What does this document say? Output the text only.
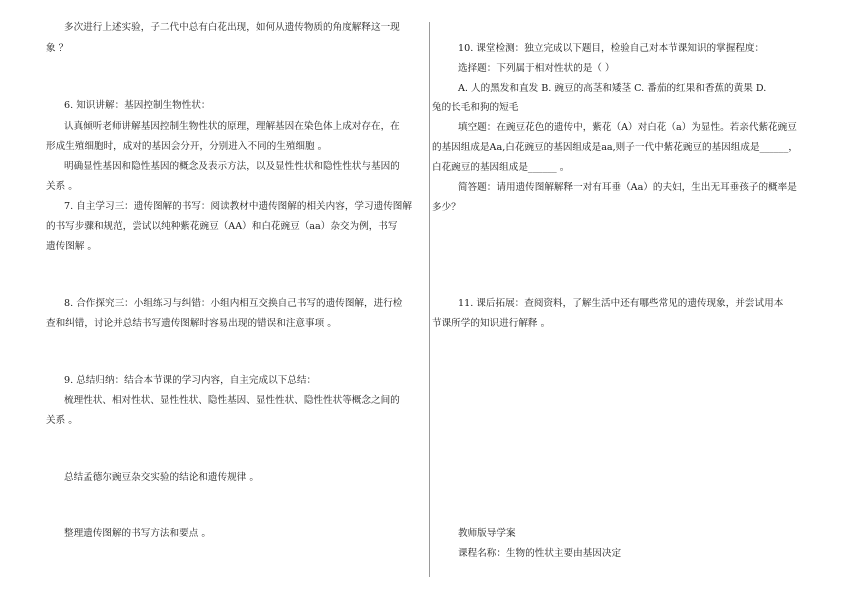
多次进行上述实验，子二代中总有白花出现，如何从遗传物质的角度解释这一现
象 ？
6. 知识讲解：基因控制生物性状：
认真倾听老师讲解基因控制生物性状的原理，理解基因在染色体上成对存在，在
形成生殖细胞时，成对的基因会分开，分别进入不同的生殖细胞 。
明确显性基因和隐性基因的概念及表示方法，以及显性性状和隐性性状与基因的
关系 。
7. 自主学习三：遗传图解的书写：阅读教材中遗传图解的相关内容，学习遗传图解
的书写步骤和规范，尝试以纯种紫花豌豆（AA）和白花豌豆（aa）杂交为例，书写
遗传图解 。
8. 合作探究三：小组练习与纠错：小组内相互交换自己书写的遗传图解，进行检
查和纠错，讨论并总结书写遗传图解时容易出现的错误和注意事项 。
9. 总结归纳：结合本节课的学习内容，自主完成以下总结：
梳理性状、相对性状、显性性状、隐性基因、显性性状、隐性性状等概念之间的
关系 。
总结孟德尔豌豆杂交实验的结论和遗传规律 。
整理遗传图解的书写方法和要点 。
10. 课堂检测：独立完成以下题目，检验自己对本节课知识的掌握程度：
选择题：下列属于相对性状的是（ ）
A. 人的黑发和直发 B. 豌豆的高茎和矮茎 C. 番茄的红果和香蕉的黄果 D.
兔的长毛和狗的短毛
填空题：在豌豆花色的遗传中，紫花（A）对白花（a）为显性。若亲代紫花豌豆
的基因组成是Aa,白花豌豆的基因组成是aa,则子一代中紫花豌豆的基因组成是______，
白花豌豆的基因组成是______ 。
简答题：请用遗传图解解释一对有耳垂（Aa）的夫妇，生出无耳垂孩子的概率是
多少？
11. 课后拓展：查阅资料，了解生活中还有哪些常见的遗传现象，并尝试用本
节课所学的知识进行解释 。
教师版导学案
课程名称：生物的性状主要由基因决定
